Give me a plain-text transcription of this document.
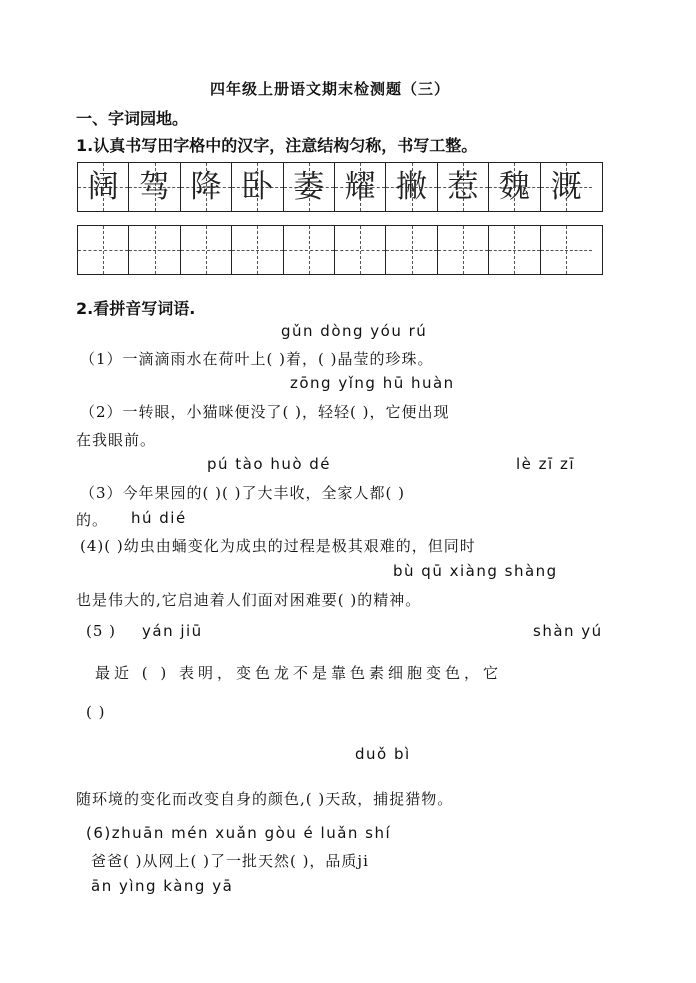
四年级上册语文期末检测题（三）
一、字词园地。
1.认真书写田字格中的汉字，注意结构匀称，书写工整。
阔 驾 降 卧 萎 耀 撇 惹 魏 溉
2.看拼音写词语.
gǔn dòng yóu rú
（1）一滴滴雨水在荷叶上( )着，( )晶莹的珍珠。
zōng yǐng hū huàn
（2）一转眼，小猫咪便没了( )，轻轻( )，它便出现
在我眼前。
pú tào huò dé	lè zī zī
（3）今年果园的( )( )了大丰收，全家人都( )
的。 hú dié
(4)( )幼虫由蛹变化为成虫的过程是极其艰难的，但同时
bù qū xiàng shàng
也是伟大的,它启迪着人们面对困难要( )的精神。
(5 ) yán jiū	shàn yú
最近 ( ) 表明，变色龙不是靠色素细胞变色，它
( )
duǒ bì
随环境的变化而改变自身的颜色,( )天敌，捕捉猎物。
(6)zhuān mén xuǎn gòu é luǎn shí
爸爸( )从网上( )了一批天然( )，品质ji
ān yìng kàng yā
